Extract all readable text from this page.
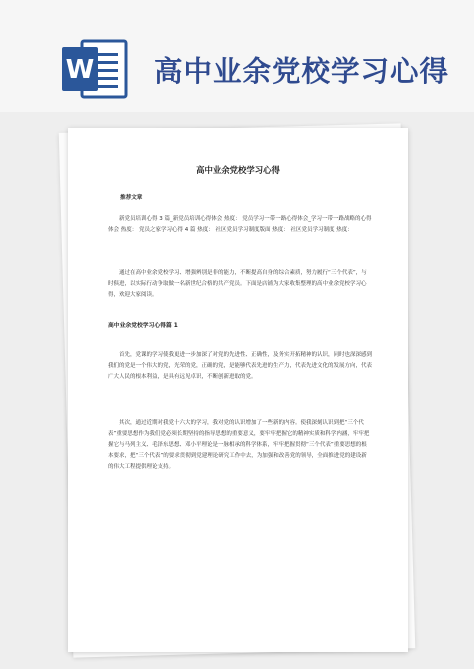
W 高中业余党校学习心得
高中业余党校学习心得
推荐文章

新党员培训心得 3 篇_新党员培训心得体会 热度： 党员学习一带一路心得体会_学习一带一路战略的心得体会 热度： 党员之家学习心得 4 篇 热度： 社区党员学习制度版面 热度： 社区党员学习制度 热度：

通过在高中业余党校学习、增强辨别是非的能力，不断提高自身的综合素质，努力履行“三个代表”，与时俱进，以实际行动争取做一名新世纪合格的共产党员。下面是店铺为大家收集整理的高中业余党校学习心得，欢迎大家阅读。

高中业余党校学习心得篇 1

首先，党课的学习使我更进一步加深了对党的先进性、正确性，及务实开拓精神的认识，同时也深深感到我们的党是一个伟大的党，光荣的党，正确的党，是能够代表先进的生产力，代表先进文化的发展方向，代表广大人民的根本利益，是具有远见卓识，不断创新进取的党。

其次，通过近期对我党十六大的学习，我对党的认识增加了一些新的内容。使我深刻认识到把“三个代表”重要思想作为我们党必须长期坚持的指导思想的重要意义，要牢牢把握它的精神实质和科学内涵，牢牢把握它与马列主义、毛泽东思想、邓小平理论是一脉相承的科学体系，牢牢把握贯彻“三个代表”重要思想的根本要求，把“三个代表”的要求贯彻到党建理论研究工作中去，为加强和改善党的领导，全面推进党的建设新的伟大工程提供理论支持。
